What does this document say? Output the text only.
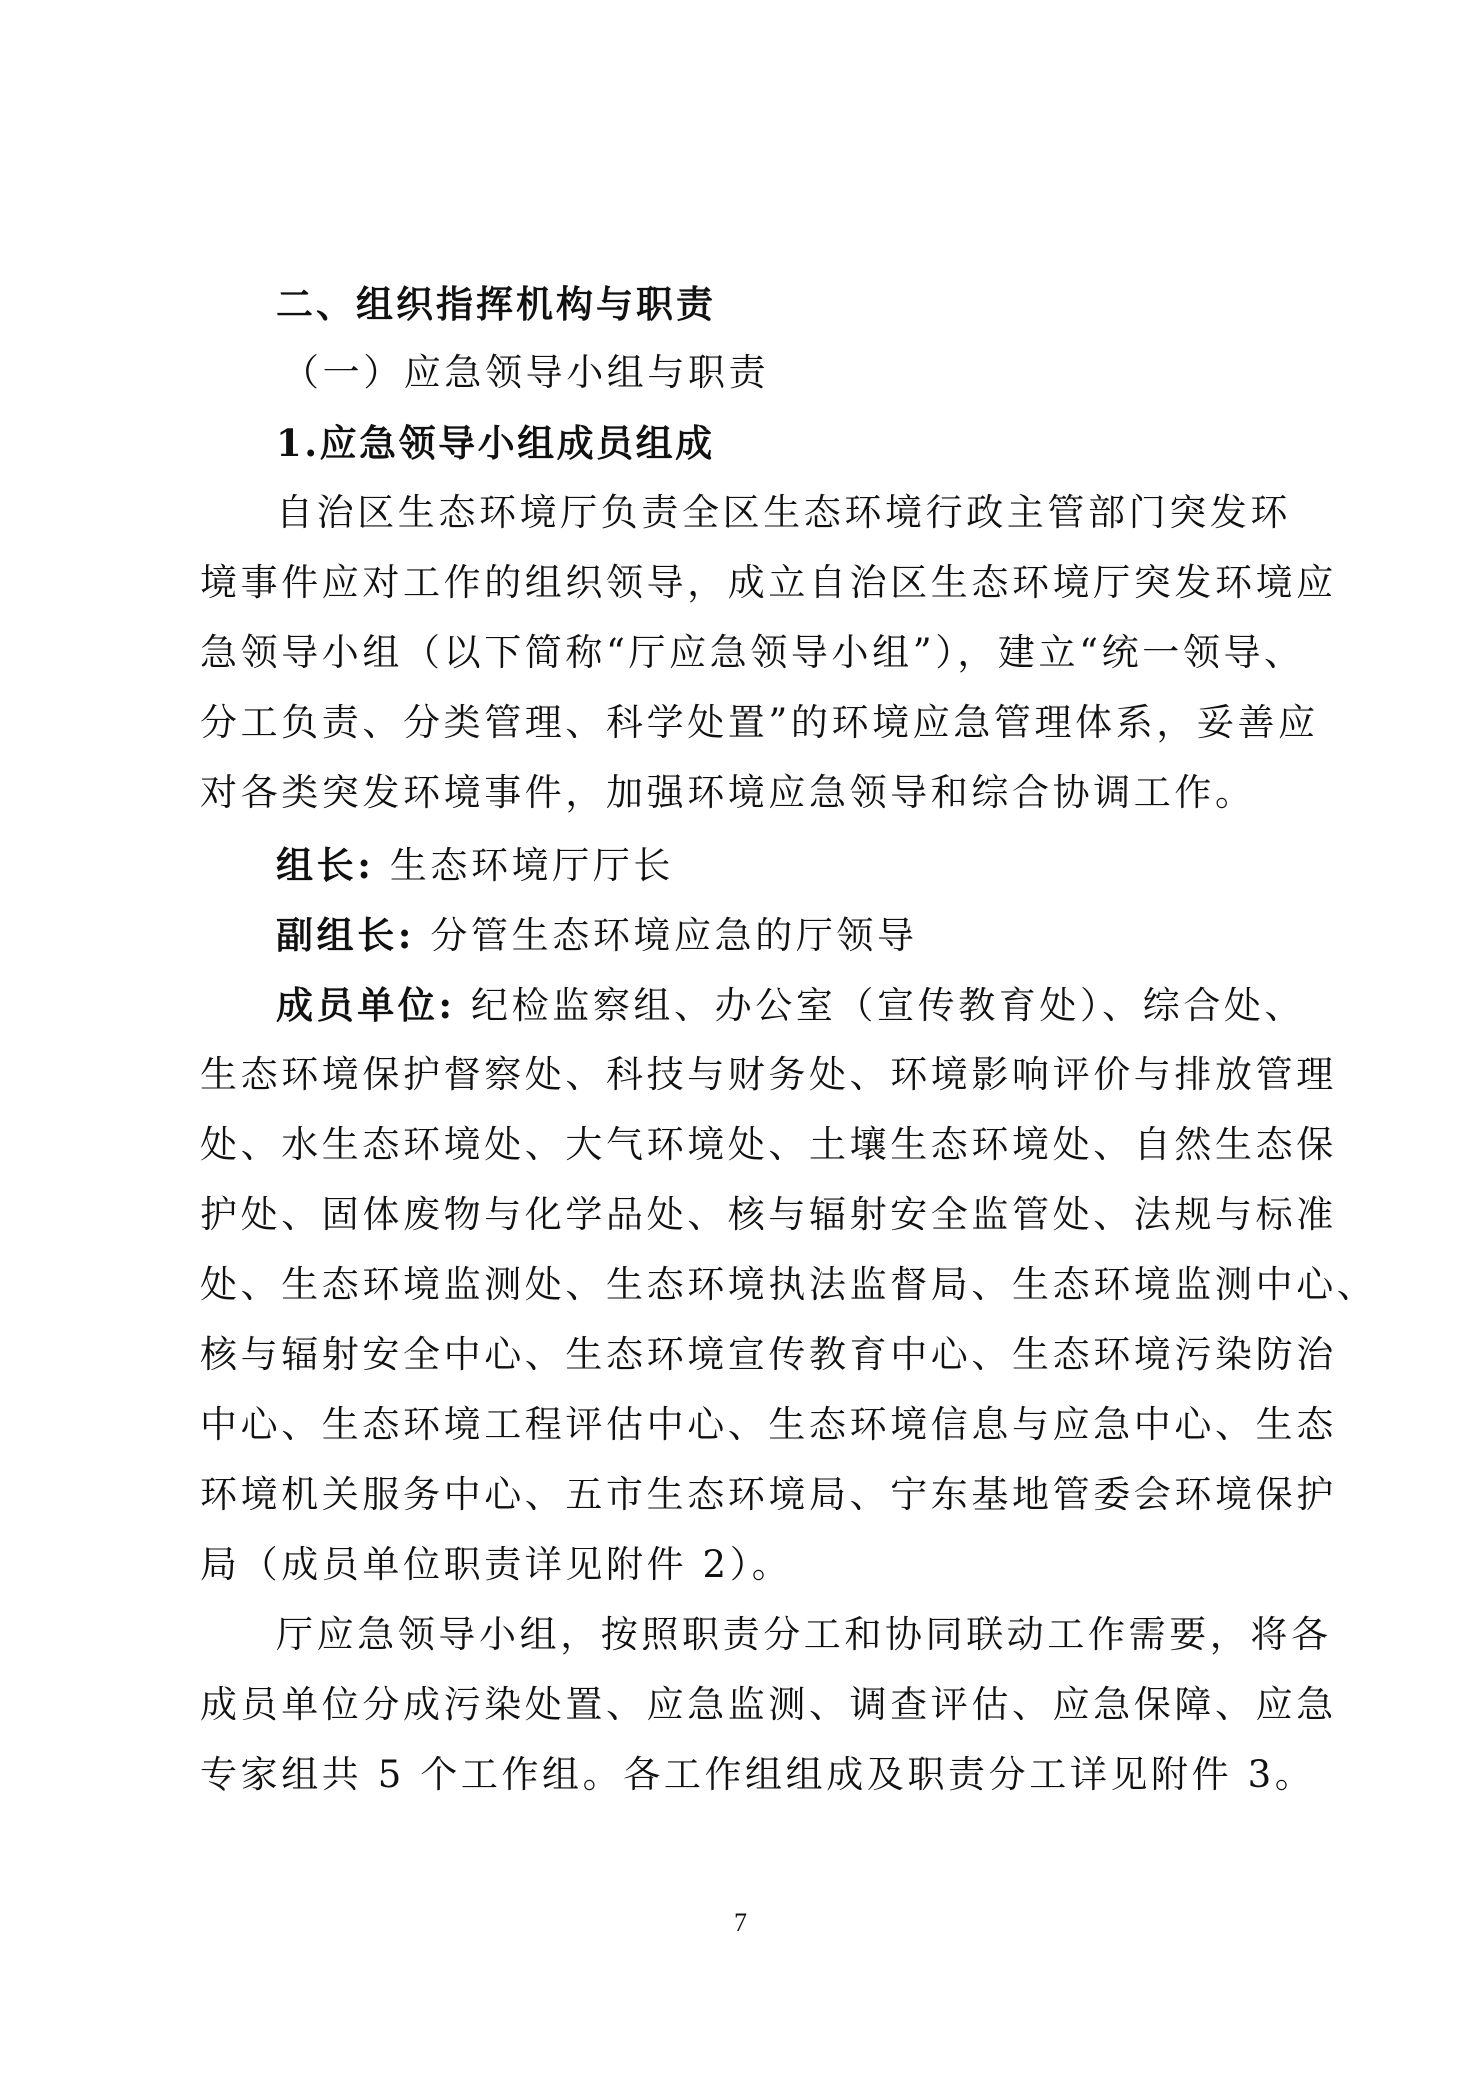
二、组织指挥机构与职责
（一）应急领导小组与职责
1.应急领导小组成员组成
自治区生态环境厅负责全区生态环境行政主管部门突发环
境事件应对工作的组织领导，成立自治区生态环境厅突发环境应
急领导小组（以下简称“厅应急领导小组”），建立“统一领导、
分工负责、分类管理、科学处置”的环境应急管理体系，妥善应
对各类突发环境事件，加强环境应急领导和综合协调工作。
组长: 生态环境厅厅长
副组长: 分管生态环境应急的厅领导
成员单位: 纪检监察组、办公室（宣传教育处）、综合处、
生态环境保护督察处、科技与财务处、环境影响评价与排放管理
处、水生态环境处、大气环境处、土壤生态环境处、自然生态保
护处、固体废物与化学品处、核与辐射安全监管处、法规与标准
处、生态环境监测处、生态环境执法监督局、生态环境监测中心、
核与辐射安全中心、生态环境宣传教育中心、生态环境污染防治
中心、生态环境工程评估中心、生态环境信息与应急中心、生态
环境机关服务中心、五市生态环境局、宁东基地管委会环境保护
局（成员单位职责详见附件 2）。
厅应急领导小组，按照职责分工和协同联动工作需要，将各
成员单位分成污染处置、应急监测、调查评估、应急保障、应急
专家组共 5 个工作组。各工作组组成及职责分工详见附件 3。
7
